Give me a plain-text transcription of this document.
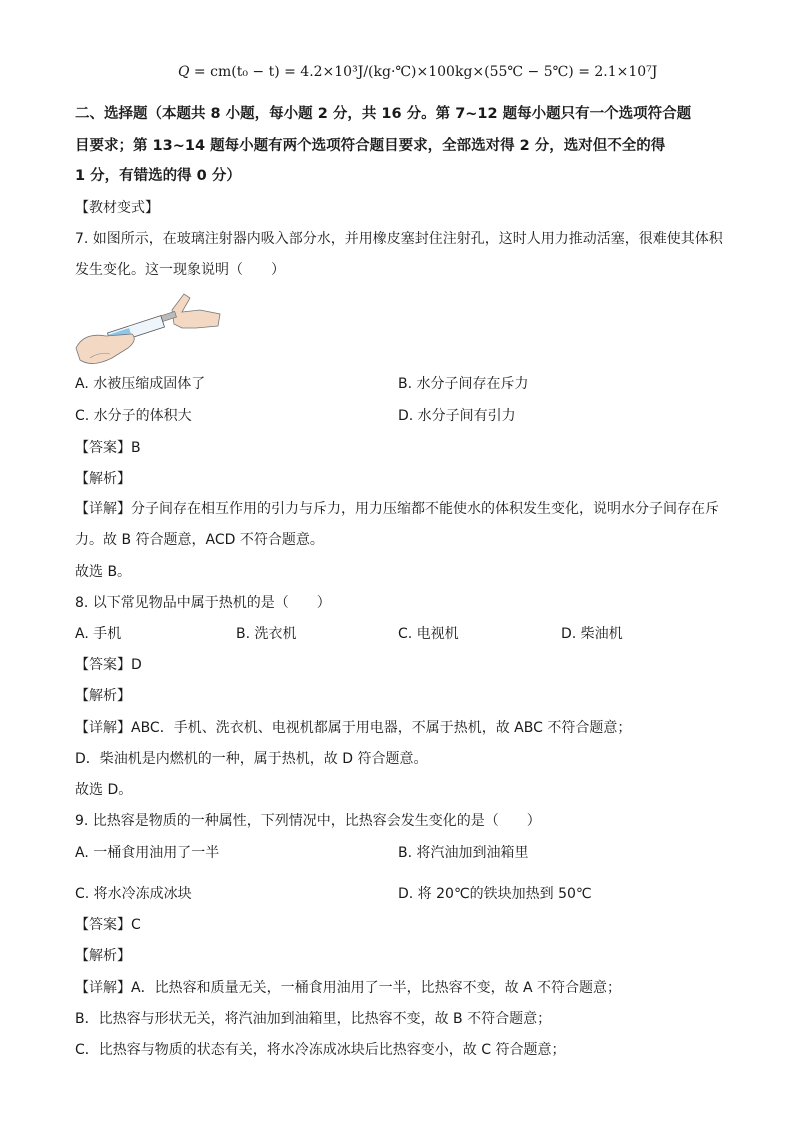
Q = cm(t₀ − t) = 4.2×10³J/(kg·℃)×100kg×(55℃ − 5℃) = 2.1×10⁷J
二、选择题（本题共 8 小题，每小题 2 分，共 16 分。第 7~12 题每小题只有一个选项符合题
目要求；第 13~14 题每小题有两个选项符合题目要求，全部选对得 2 分，选对但不全的得
1 分，有错选的得 0 分）
【教材变式】
7. 如图所示，在玻璃注射器内吸入部分水，并用橡皮塞封住注射孔，这时人用力推动活塞，很难使其体积
发生变化。这一现象说明（　　）
A. 水被压缩成固体了	B. 水分子间存在斥力
C. 水分子的体积大	D. 水分子间有引力
【答案】B
【解析】
【详解】分子间存在相互作用的引力与斥力，用力压缩都不能使水的体积发生变化，说明水分子间存在斥
力。故 B 符合题意，ACD 不符合题意。
故选 B。
8. 以下常见物品中属于热机的是（　　）
A. 手机	B. 洗衣机	C. 电视机	D. 柴油机
【答案】D
【解析】
【详解】ABC．手机、洗衣机、电视机都属于用电器，不属于热机，故 ABC 不符合题意；
D．柴油机是内燃机的一种，属于热机，故 D 符合题意。
故选 D。
9. 比热容是物质的一种属性，下列情况中，比热容会发生变化的是（　　）
A. 一桶食用油用了一半	B. 将汽油加到油箱里
C. 将水冷冻成冰块	D. 将 20℃的铁块加热到 50℃
【答案】C
【解析】
【详解】A．比热容和质量无关，一桶食用油用了一半，比热容不变，故 A 不符合题意；
B．比热容与形状无关，将汽油加到油箱里，比热容不变，故 B 不符合题意；
C．比热容与物质的状态有关，将水冷冻成冰块后比热容变小，故 C 符合题意；
